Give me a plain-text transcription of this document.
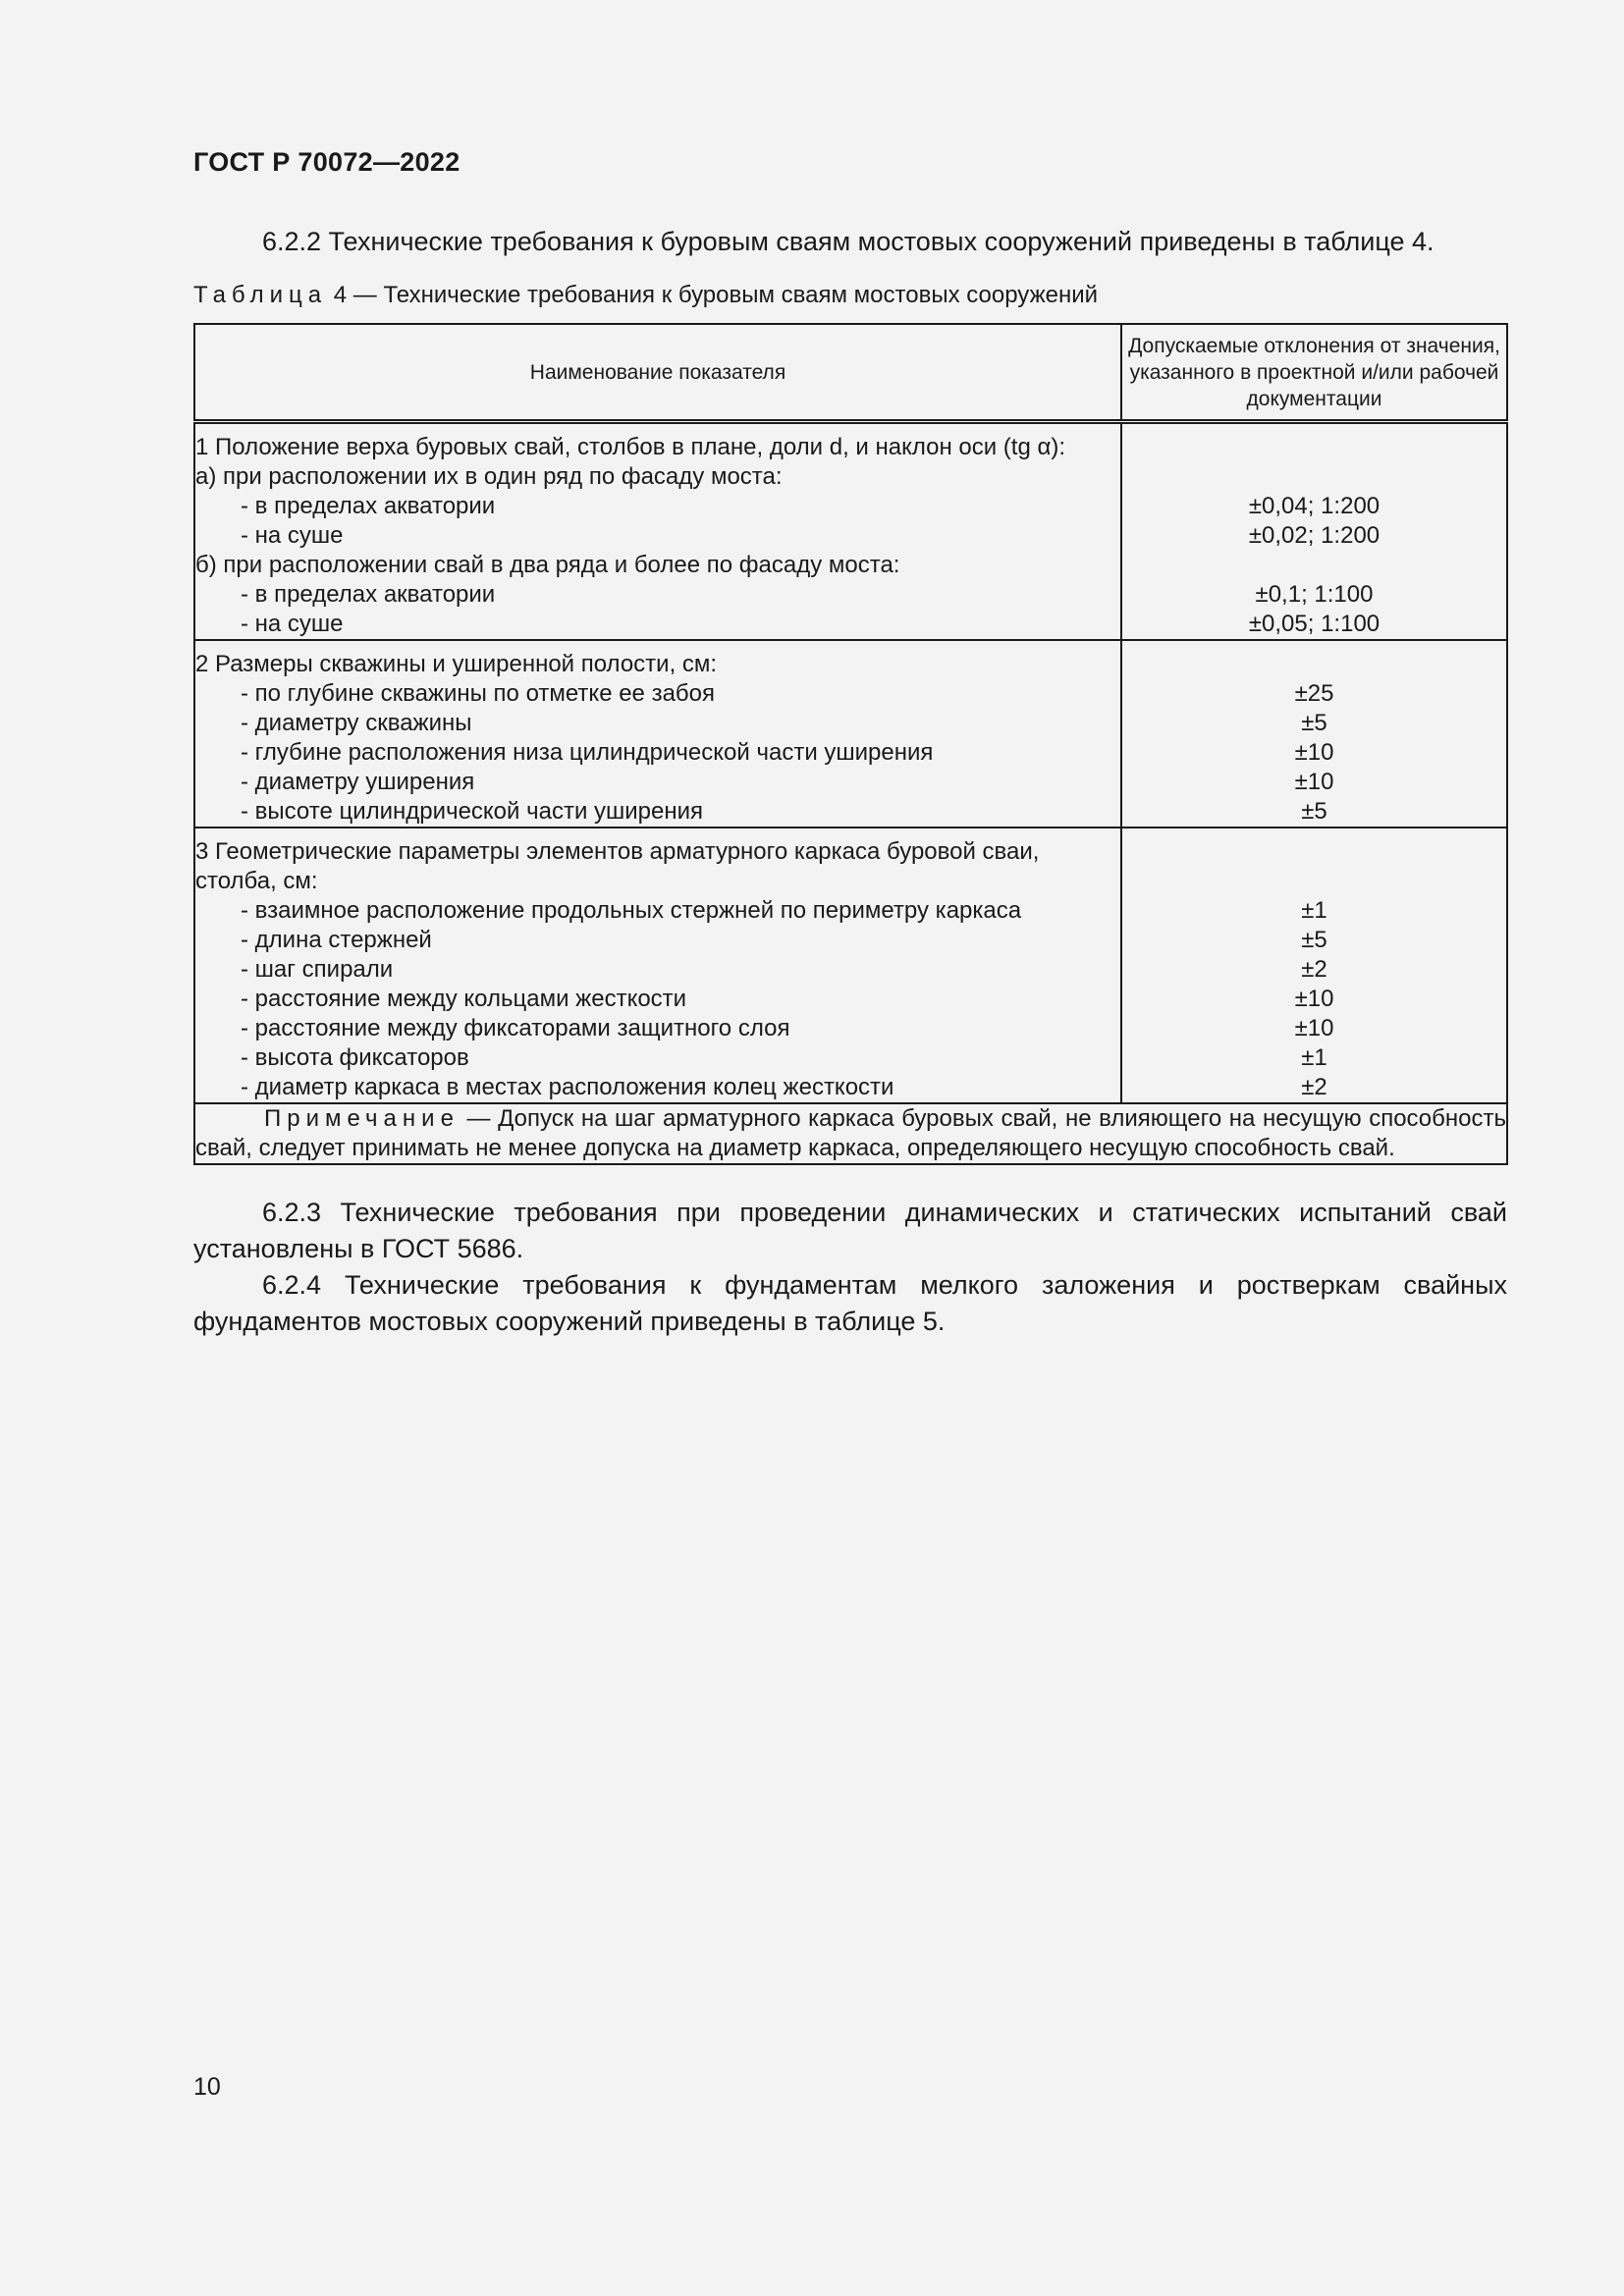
ГОСТ Р 70072—2022
6.2.2 Технические требования к буровым сваям мостовых сооружений приведены в таблице 4.
Таблица 4 — Технические требования к буровым сваям мостовых сооружений
Наименование показателя	Допускаемые отклонения от значения, указанного в проектной и/или рабочей документации
1 Положение верха буровых свай, столбов в плане, доли d, и наклон оси (tg α):	
а) при расположении их в один ряд по фасаду моста:	
- в пределах акватории	±0,04; 1:200
- на суше	±0,02; 1:200
б) при расположении свай в два ряда и более по фасаду моста:	
- в пределах акватории	±0,1; 1:100
- на суше	±0,05; 1:100
2 Размеры скважины и уширенной полости, см:	
- по глубине скважины по отметке ее забоя	±25
- диаметру скважины	±5
- глубине расположения низа цилиндрической части уширения	±10
- диаметру уширения	±10
- высоте цилиндрической части уширения	±5
3 Геометрические параметры элементов арматурного каркаса буровой сваи, столба, см:	
- взаимное расположение продольных стержней по периметру каркаса	±1
- длина стержней	±5
- шаг спирали	±2
- расстояние между кольцами жесткости	±10
- расстояние между фиксаторами защитного слоя	±10
- высота фиксаторов	±1
- диаметр каркаса в местах расположения колец жесткости	±2
Примечание — Допуск на шаг арматурного каркаса буровых свай, не влияющего на несущую способность свай, следует принимать не менее допуска на диаметр каркаса, определяющего несущую способность свай.	
6.2.3 Технические требования при проведении динамических и статических испытаний свай установлены в ГОСТ 5686.
6.2.4 Технические требования к фундаментам мелкого заложения и ростверкам свайных фундаментов мостовых сооружений приведены в таблице 5.
10
